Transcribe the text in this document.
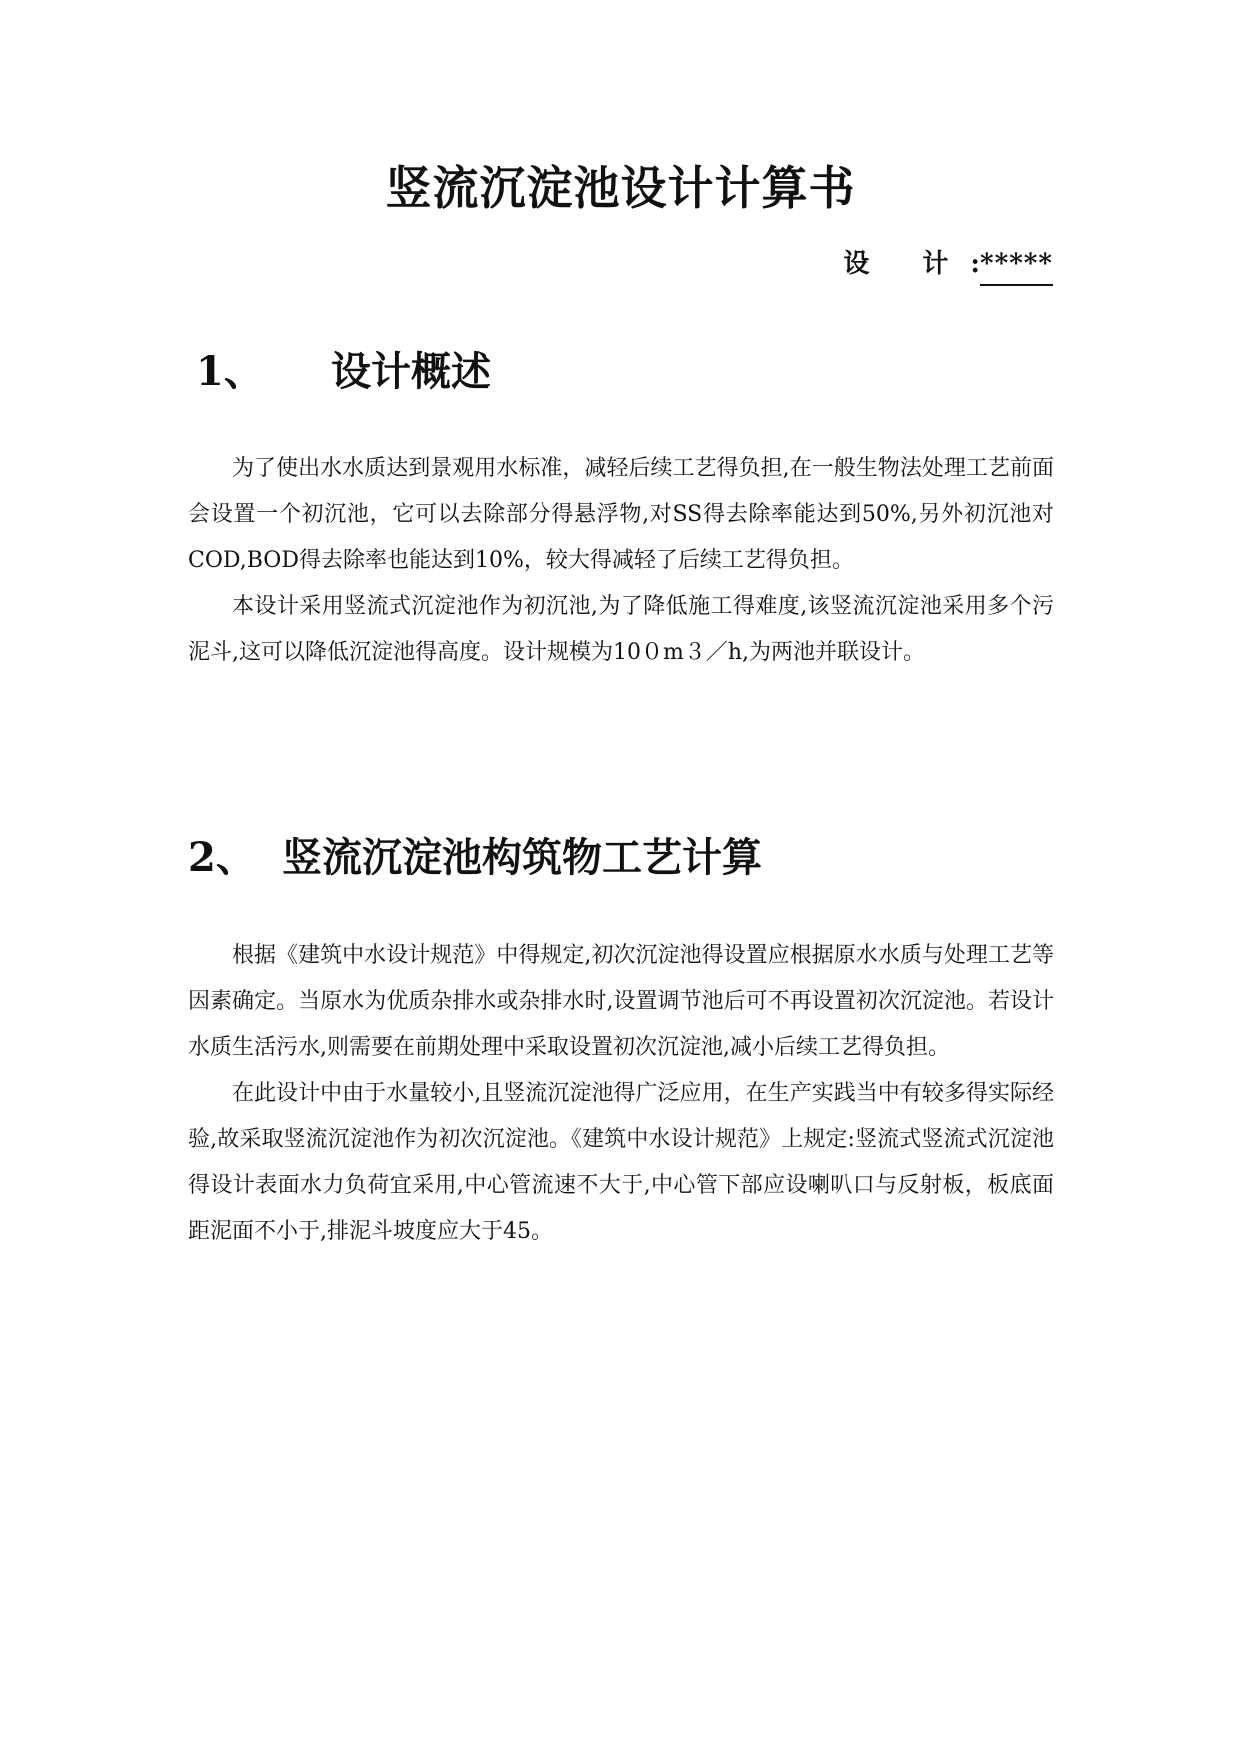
竖流沉淀池设计计算书
设 计:*****
1、 设计概述

为了使出水水质达到景观用水标准，减轻后续工艺得负担,在一般生物法处理工艺前面会设置一个初沉池，它可以去除部分得悬浮物,对SS得去除率能达到50%,另外初沉池对COD,BOD得去除率也能达到10%，较大得减轻了后续工艺得负担。

本设计采用竖流式沉淀池作为初沉池,为了降低施工得难度,该竖流沉淀池采用多个污泥斗,这可以降低沉淀池得高度。设计规模为10０m３／h,为两池并联设计。

2、 竖流沉淀池构筑物工艺计算

根据《建筑中水设计规范》中得规定,初次沉淀池得设置应根据原水水质与处理工艺等因素确定。当原水为优质杂排水或杂排水时,设置调节池后可不再设置初次沉淀池。若设计水质生活污水,则需要在前期处理中采取设置初次沉淀池,减小后续工艺得负担。

在此设计中由于水量较小,且竖流沉淀池得广泛应用，在生产实践当中有较多得实际经验,故采取竖流沉淀池作为初次沉淀池。《建筑中水设计规范》上规定:竖流式竖流式沉淀池得设计表面水力负荷宜采用,中心管流速不大于,中心管下部应设喇叭口与反射板，板底面距泥面不小于,排泥斗坡度应大于45。
